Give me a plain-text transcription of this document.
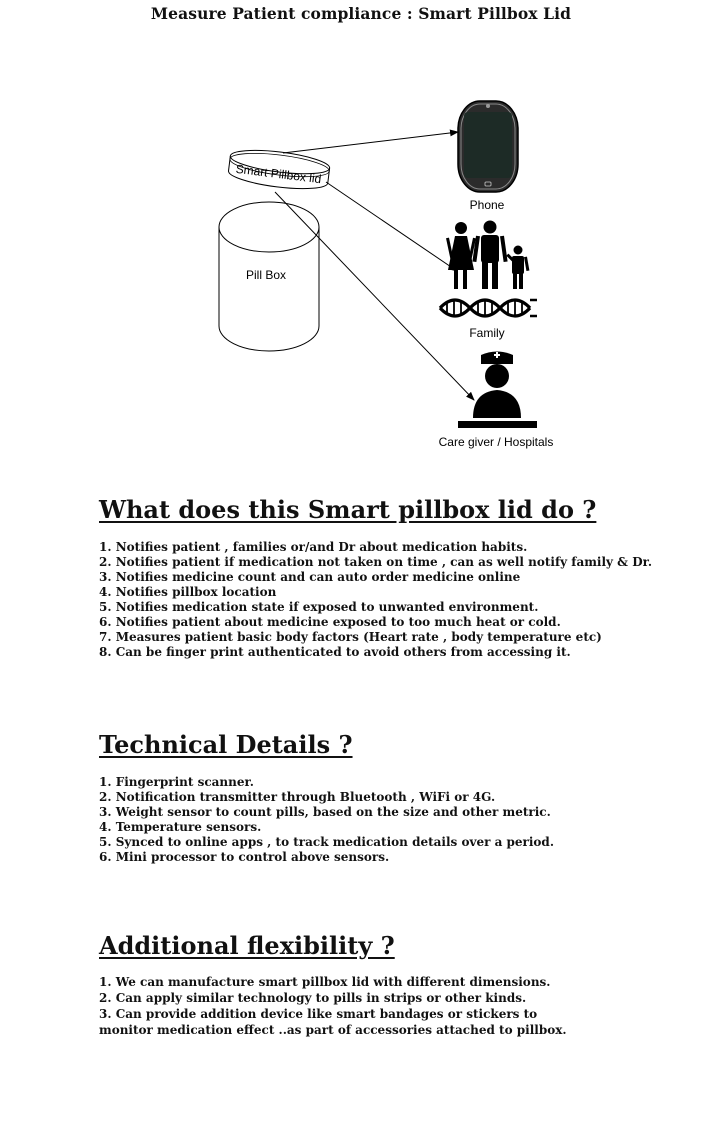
Measure Patient compliance : Smart Pillbox Lid
Pill Box
Smart Pillbox lid
Phone
Family
Care giver / Hospitals
What does this Smart pillbox lid do ?
1. Notifies patient , families or/and Dr about medication habits.
2. Notifies patient if medication not taken on time , can as well notify family & Dr.
3. Notifies medicine count and can auto order medicine online
4. Notifies pillbox location
5. Notifies medication state if exposed to unwanted environment.
6. Notifies patient about medicine exposed to too much heat or cold.
7. Measures patient basic body factors (Heart rate , body temperature etc)
8. Can be finger print authenticated to avoid others from accessing it.
Technical Details ?
1. Fingerprint scanner.
2. Notification transmitter through Bluetooth , WiFi or 4G.
3. Weight sensor to count pills, based on the size and other metric.
4. Temperature sensors.
5. Synced to online apps , to track medication details over a period.
6. Mini processor to control above sensors.
Additional flexibility ?
1. We can manufacture smart pillbox lid with different dimensions.
2. Can apply similar technology to pills in strips or other kinds.
3. Can provide addition device like smart bandages or stickers to monitor medication effect ..as part of accessories attached to pillbox.
